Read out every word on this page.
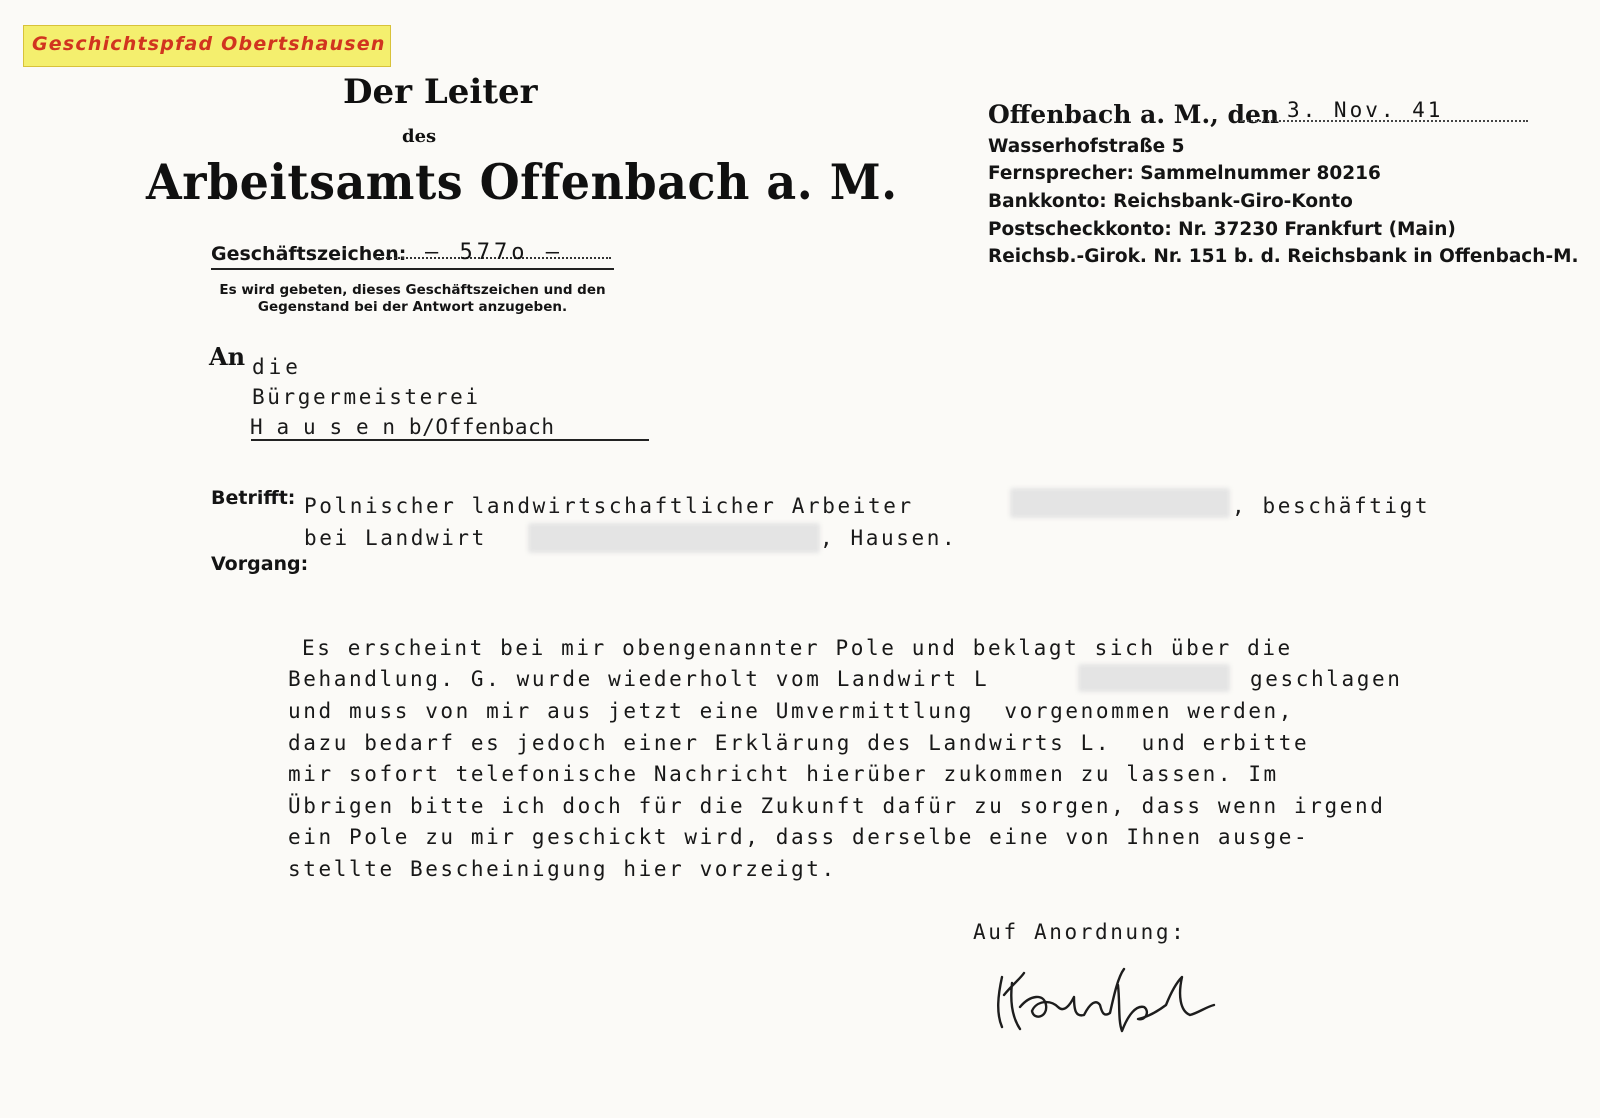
Geschichtspfad Obertshausen

Der Leiter
des
Arbeitsamts Offenbach a. M.
Geschäftszeichen: – 577o –
Es wird gebeten, dieses Geschäftszeichen und den Gegenstand bei der Antwort anzugeben.
Offenbach a. M., den 3. Nov. 41
Wasserhofstraße 5
Fernsprecher: Sammelnummer 80216
Bankkonto: Reichsbank-Giro-Konto
Postscheckkonto: Nr. 37230 Frankfurt (Main)
Reichsb.-Girok. Nr. 151 b. d. Reichsbank in Offenbach-M.
An die
Bürgermeisterei
H a u s e n b/Offenbach
Betrifft: Polnischer landwirtschaftlicher Arbeiter	, beschäftigt
bei Landwirt	, Hausen.
Vorgang:
Es erscheint bei mir obengenannter Pole und beklagt sich über die
Behandlung. G. wurde wiederholt vom Landwirt L	geschlagen
und muss von mir aus jetzt eine Umvermittlung  vorgenommen werden,
dazu bedarf es jedoch einer Erklärung des Landwirts L.  und erbitte
mir sofort telefonische Nachricht hierüber zukommen zu lassen. Im
Übrigen bitte ich doch für die Zukunft dafür zu sorgen, dass wenn irgend
ein Pole zu mir geschickt wird, dass derselbe eine von Ihnen ausge-
stellte Bescheinigung hier vorzeigt.
Auf Anordnung:
